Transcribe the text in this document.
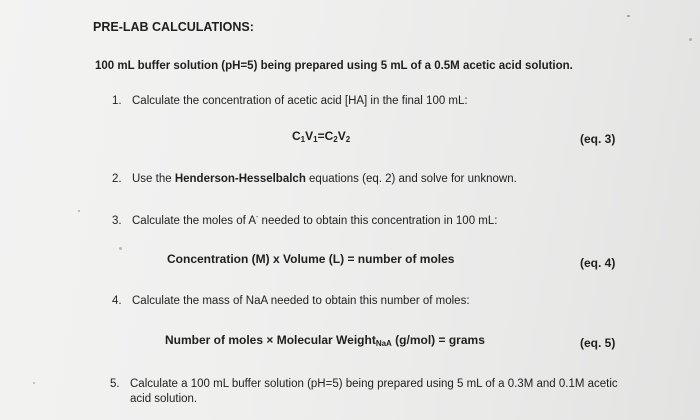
PRE-LAB CALCULATIONS:
100 mL buffer solution (pH=5) being prepared using 5 mL of a 0.5M acetic acid solution.
1. Calculate the concentration of acetic acid [HA] in the final 100 mL:
$C_1V_1=C_2V_2$	(eq. 3)
2. Use the Henderson-Hesselbalch equations (eq. 2) and solve for unknown.
3. Calculate the moles of A- needed to obtain this concentration in 100 mL:
Concentration (M) x Volume (L) = number of moles	(eq. 4)
4. Calculate the mass of NaA needed to obtain this number of moles:
Number of moles × Molecular Weight$_{NaA}$ (g/mol) = grams	(eq. 5)
5. Calculate a 100 mL buffer solution (pH=5) being prepared using 5 mL of a 0.3M and 0.1M acetic
acid solution.
